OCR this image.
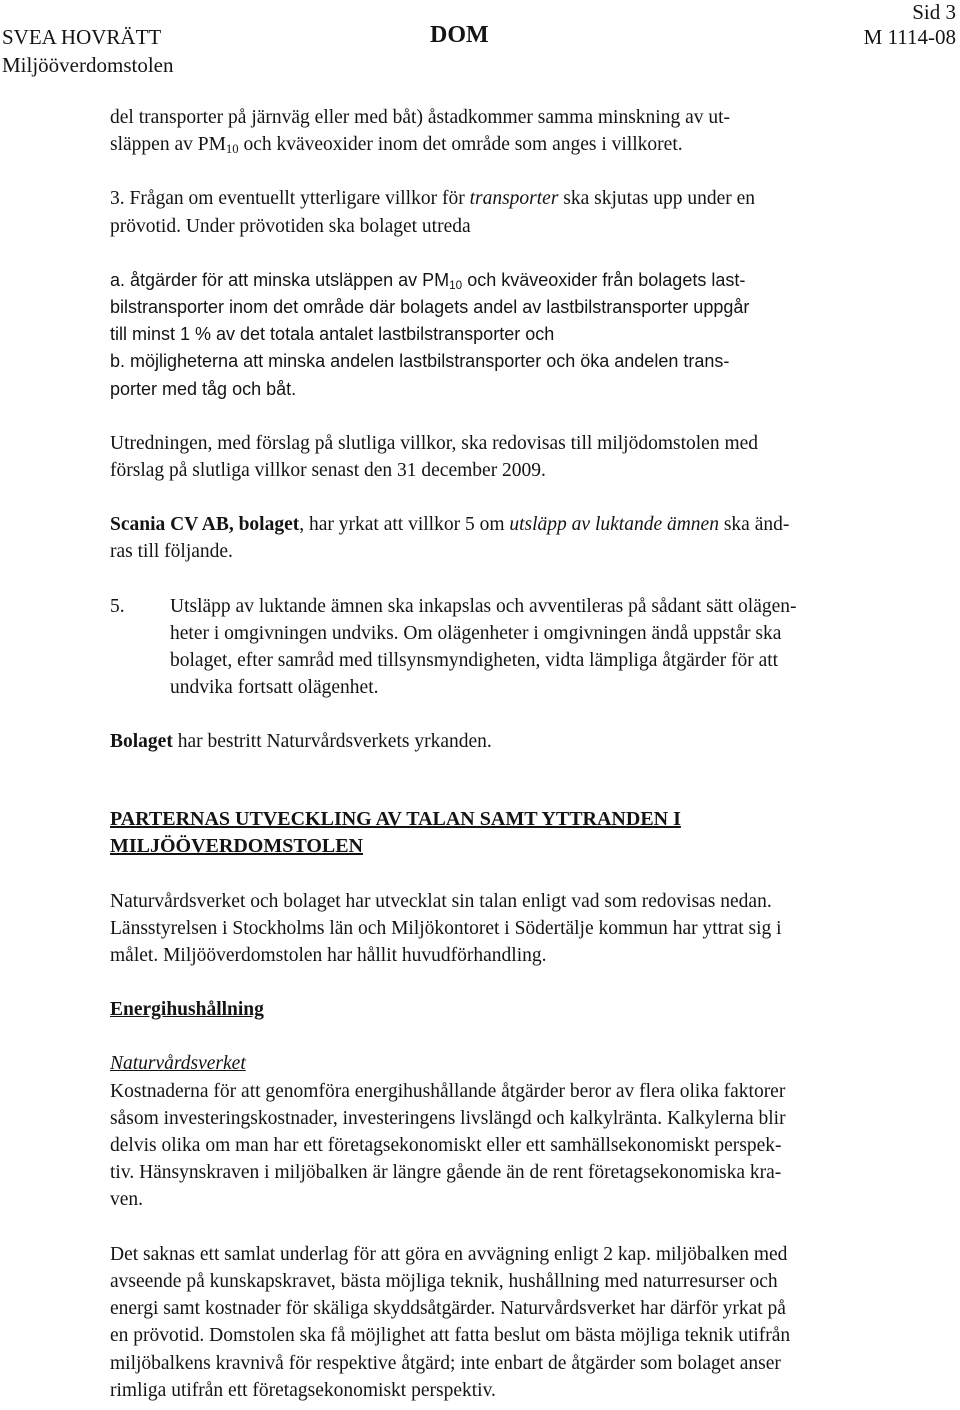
SVEA HOVRÄTT
Miljööverdomstolen
DOM
Sid 3
M 1114-08

del transporter på järnväg eller med båt) åstadkommer samma minskning av ut-
släppen av $PM_{10}$ och kväveoxider inom det område som anges i villkoret.

3. Frågan om eventuellt ytterligare villkor för transporter ska skjutas upp under en
prövotid. Under prövotiden ska bolaget utreda

a. åtgärder för att minska utsläppen av $PM_{10}$ och kväveoxider från bolagets last-
bilstransporter inom det område där bolagets andel av lastbilstransporter uppgår
till minst 1 % av det totala antalet lastbilstransporter och

b. möjligheterna att minska andelen lastbilstransporter och öka andelen trans-
porter med tåg och båt.

Utredningen, med förslag på slutliga villkor, ska redovisas till miljödomstolen med
förslag på slutliga villkor senast den 31 december 2009.

Scania CV AB, bolaget, har yrkat att villkor 5 om utsläpp av luktande ämnen ska änd-
ras till följande.

5.	Utsläpp av luktande ämnen ska inkapslas och avventileras på sådant sätt olägen-
heter i omgivningen undviks. Om olägenheter i omgivningen ändå uppstår ska
bolaget, efter samråd med tillsynsmyndigheten, vidta lämpliga åtgärder för att
undvika fortsatt olägenhet.

Bolaget har bestritt Naturvårdsverkets yrkanden.

PARTERNAS UTVECKLING AV TALAN SAMT YTTRANDEN I
MILJÖÖVERDOMSTOLEN

Naturvårdsverket och bolaget har utvecklat sin talan enligt vad som redovisas nedan.
Länsstyrelsen i Stockholms län och Miljökontoret i Södertälje kommun har yttrat sig i
målet. Miljööverdomstolen har hållit huvudförhandling.

Energihushållning

Naturvårdsverket

Kostnaderna för att genomföra energihushållande åtgärder beror av flera olika faktorer
såsom investeringskostnader, investeringens livslängd och kalkylränta. Kalkylerna blir
delvis olika om man har ett företagsekonomiskt eller ett samhällsekonomiskt perspek-
tiv. Hänsynskraven i miljöbalken är längre gående än de rent företagsekonomiska kra-
ven.

Det saknas ett samlat underlag för att göra en avvägning enligt 2 kap. miljöbalken med
avseende på kunskapskravet, bästa möjliga teknik, hushållning med naturresurser och
energi samt kostnader för skäliga skyddsåtgärder. Naturvårdsverket har därför yrkat på
en prövotid. Domstolen ska få möjlighet att fatta beslut om bästa möjliga teknik utifrån
miljöbalkens kravnivå för respektive åtgärd; inte enbart de åtgärder som bolaget anser
rimliga utifrån ett företagsekonomiskt perspektiv.
